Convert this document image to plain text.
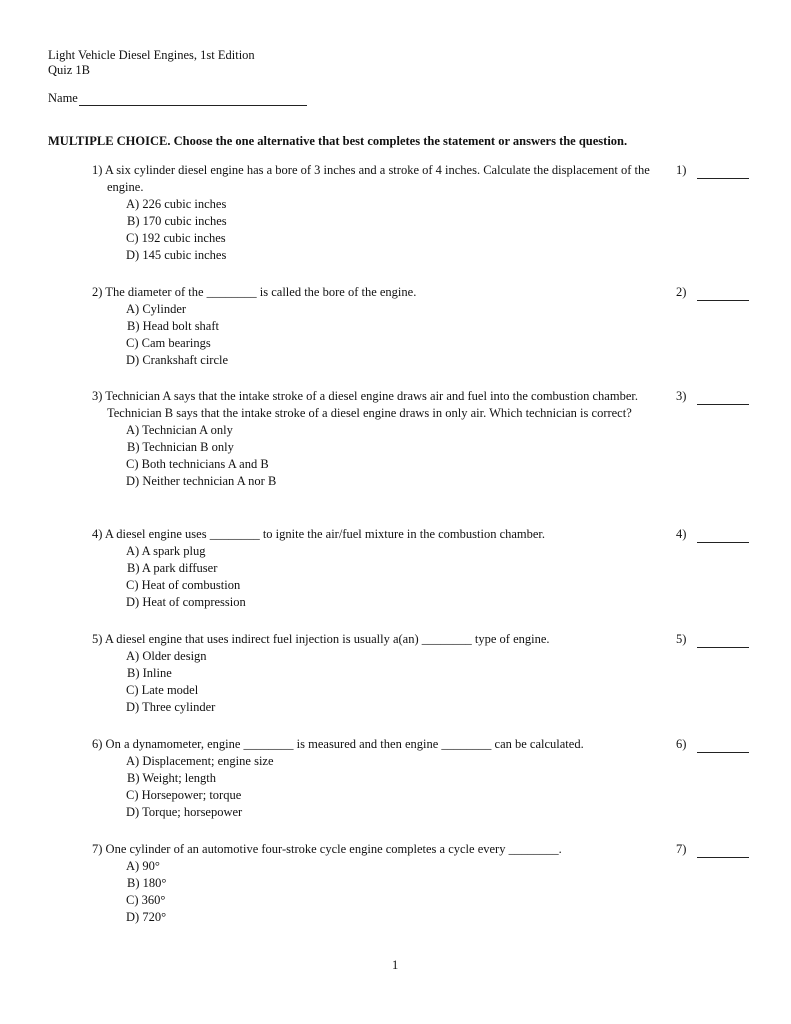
Light Vehicle Diesel Engines, 1st Edition
Quiz 1B
Name
MULTIPLE CHOICE. Choose the one alternative that best completes the statement or answers the question.
1) A six cylinder diesel engine has a bore of 3 inches and a stroke of 4 inches. Calculate the displacement of the engine.
1)
A) 226 cubic inches
B) 170 cubic inches
C) 192 cubic inches
D) 145 cubic inches
2) The diameter of the ________ is called the bore of the engine.	2)
A) Cylinder
B) Head bolt shaft
C) Cam bearings
D) Crankshaft circle
3) Technician A says that the intake stroke of a diesel engine draws air and fuel into the combustion chamber. Technician B says that the intake stroke of a diesel engine draws in only air. Which technician is correct?
3)
A) Technician A only
B) Technician B only
C) Both technicians A and B
D) Neither technician A nor B
4) A diesel engine uses ________ to ignite the air/fuel mixture in the combustion chamber.	4)
A) A spark plug
B) A park diffuser
C) Heat of combustion
D) Heat of compression
5) A diesel engine that uses indirect fuel injection is usually a(an) ________ type of engine.	5)
A) Older design
B) Inline
C) Late model
D) Three cylinder
6) On a dynamometer, engine ________ is measured and then engine ________ can be calculated.	6)
A) Displacement; engine size
B) Weight; length
C) Horsepower; torque
D) Torque; horsepower
7) One cylinder of an automotive four-stroke cycle engine completes a cycle every ________.	7)
A) 90°
B) 180°
C) 360°
D) 720°
1
